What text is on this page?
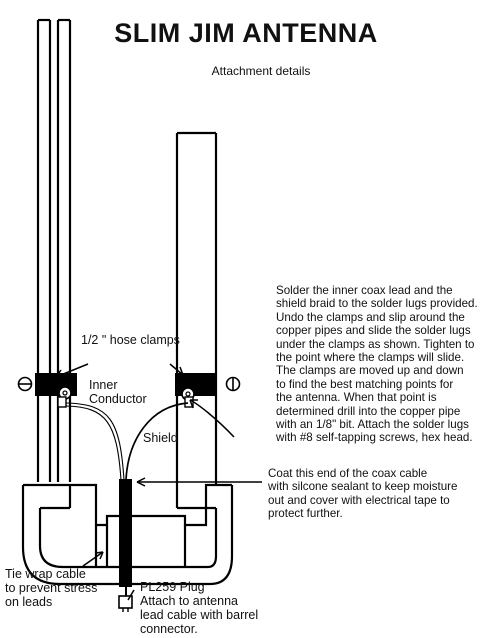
SLIM JIM ANTENNA
Attachment details
Solder the inner coax lead and the
shield braid to the solder lugs provided.
Undo the clamps and slip around the
copper pipes and slide the solder lugs
under the clamps as shown. Tighten to
the point where the clamps will slide.
The clamps are moved up and down
to find the best matching points for
the antenna. When that point is
determined drill into the copper pipe
with an 1/8" bit. Attach the solder lugs
with #8 self-tapping screws, hex head.
1/2 " hose clamps
Inner
Conductor
Shield
Coat this end of the coax cable
with silcone sealant to keep moisture
out and cover with electrical tape to
protect further.
Tie wrap cable
to prevent stress
on leads
PL259 Plug
Attach to antenna
lead cable with barrel
connector.
